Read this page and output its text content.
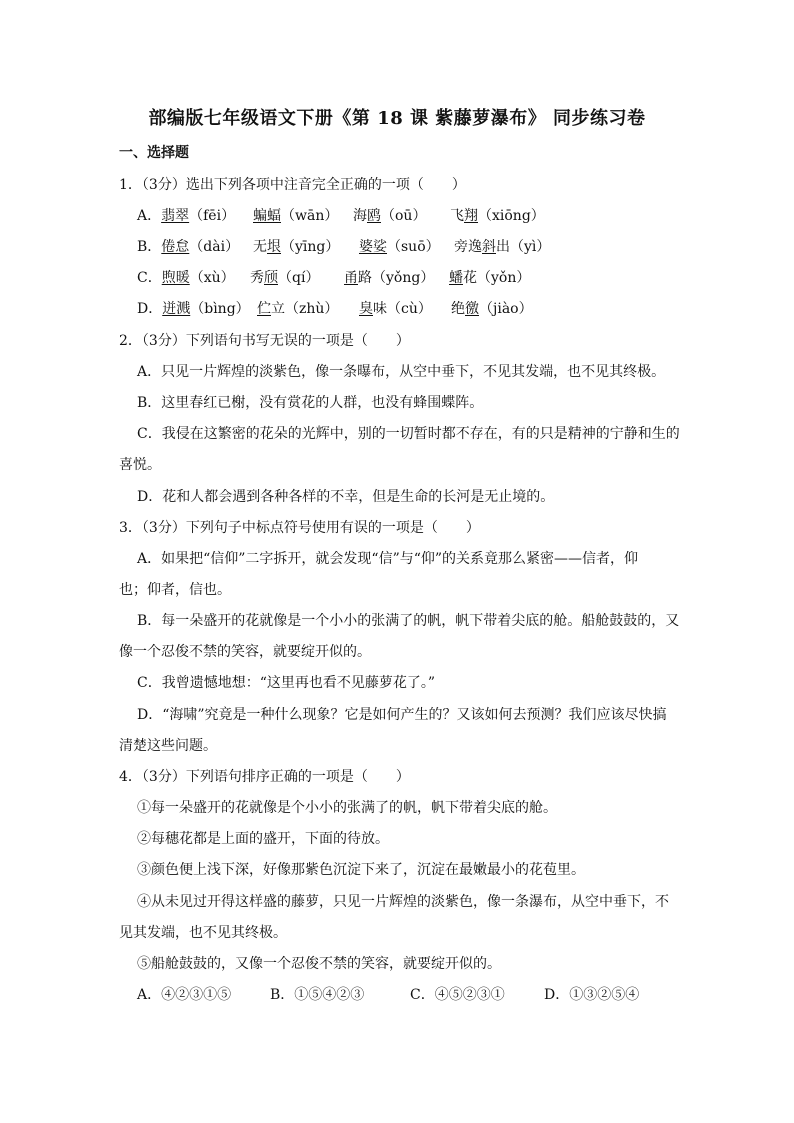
部编版七年级语文下册《第 18 课 紫藤萝瀑布》 同步练习卷
一、选择题
1．（3分）选出下列各项中注音完全正确的一项（　　）
A．翡翠（fēi） 蝙蝠（wān） 海鸥（oū） 飞翔（xiōng）
B．倦怠（dài） 无垠（yīng） 婆娑（suō） 旁逸斜出（yì）
C．煦暖（xù） 秀颀（qí） 甬路（yǒng） 蟠花（yǒn）
D．迸溅（bìng） 伫立（zhù） 臭味（cù） 绝徼（jiào）
2．（3分）下列语句书写无误的一项是（　　）
A．只见一片辉煌的淡紫色，像一条曝布，从空中垂下，不见其发端，也不见其终极。
B．这里春红已榭，没有赏花的人群，也没有蜂围蝶阵。
C．我侵在这繁密的花朵的光辉中，别的一切暂时都不存在，有的只是精神的宁静和生的
喜悦。
D．花和人都会遇到各种各样的不幸，但是生命的长河是无止境的。
3．（3分）下列句子中标点符号使用有误的一项是（　　）
A．如果把“信仰”二字拆开，就会发现“信”与“仰”的关系竟那么紧密——信者，仰
也；仰者，信也。
B．每一朵盛开的花就像是一个小小的张满了的帆，帆下带着尖底的舱。船舱鼓鼓的，又
像一个忍俊不禁的笑容，就要绽开似的。
C．我曾遗憾地想：“这里再也看不见藤萝花了。”
D．“海啸”究竟是一种什么现象？它是如何产生的？又该如何去预测？我们应该尽快搞
清楚这些问题。
4．（3分）下列语句排序正确的一项是（　　）
①每一朵盛开的花就像是个小小的张满了的帆，帆下带着尖底的舱。
②每穗花都是上面的盛开，下面的待放。
③颜色便上浅下深，好像那紫色沉淀下来了，沉淀在最嫩最小的花苞里。
④从未见过开得这样盛的藤萝，只见一片辉煌的淡紫色，像一条瀑布，从空中垂下，不
见其发端，也不见其终极。
⑤船舱鼓鼓的，又像一个忍俊不禁的笑容，就要绽开似的。
A．④②③①⑤	B．①⑤④②③	C．④⑤②③①	D．①③②⑤④
